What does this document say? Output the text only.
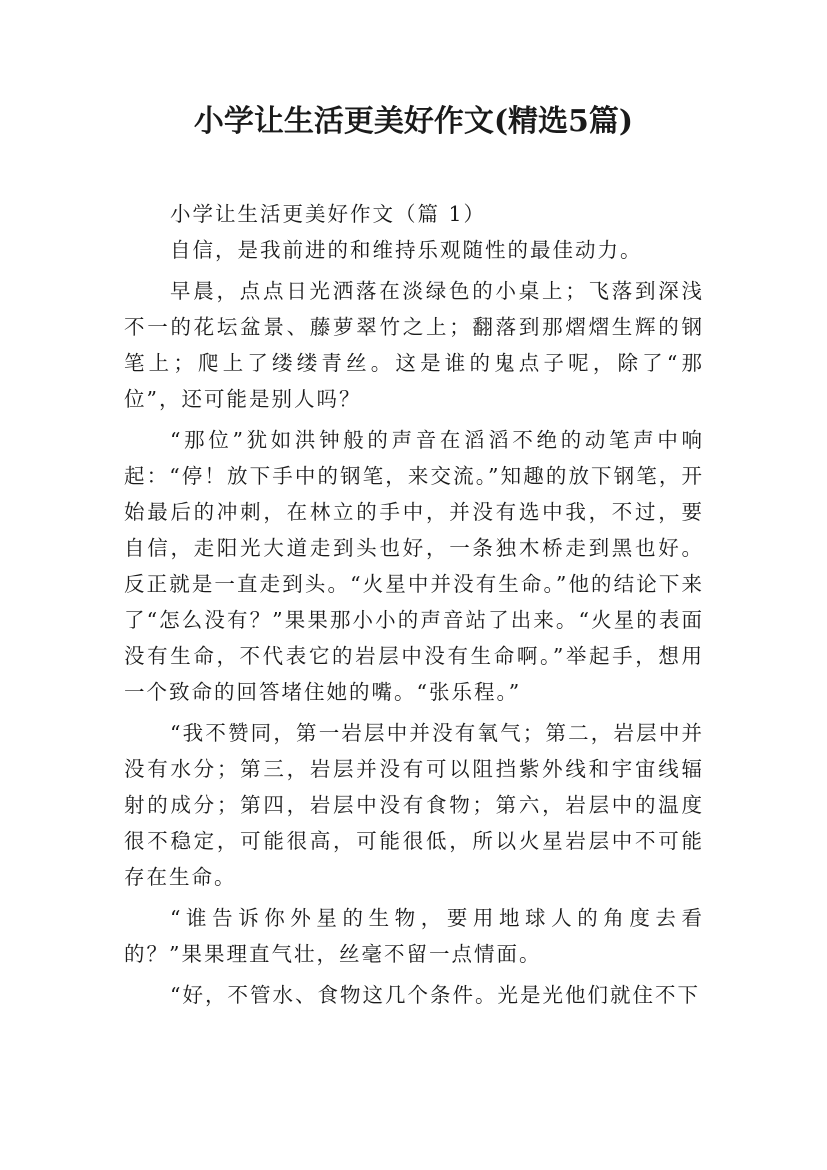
小学让生活更美好作文(精选5篇)

小学让生活更美好作文（篇 1）

自信，是我前进的和维持乐观随性的最佳动力。

早晨，点点日光洒落在淡绿色的小桌上；飞落到深浅不一的花坛盆景、藤萝翠竹之上；翻落到那熠熠生辉的钢笔上；爬上了缕缕青丝。这是谁的鬼点子呢，除了“那位”，还可能是别人吗？

“那位”犹如洪钟般的声音在滔滔不绝的动笔声中响起：“停！放下手中的钢笔，来交流。”知趣的放下钢笔，开始最后的冲刺，在林立的手中，并没有选中我，不过，要自信，走阳光大道走到头也好，一条独木桥走到黑也好。反正就是一直走到头。“火星中并没有生命。”他的结论下来了“怎么没有？”果果那小小的声音站了出来。“火星的表面没有生命，不代表它的岩层中没有生命啊。”举起手，想用一个致命的回答堵住她的嘴。“张乐程。”

“我不赞同，第一岩层中并没有氧气；第二，岩层中并没有水分；第三，岩层并没有可以阻挡紫外线和宇宙线辐射的成分；第四，岩层中没有食物；第六，岩层中的温度很不稳定，可能很高，可能很低，所以火星岩层中不可能存在生命。

“谁告诉你外星的生物，要用地球人的角度去看的？”果果理直气壮，丝毫不留一点情面。

“好，不管水、食物这几个条件。光是光他们就住不下
